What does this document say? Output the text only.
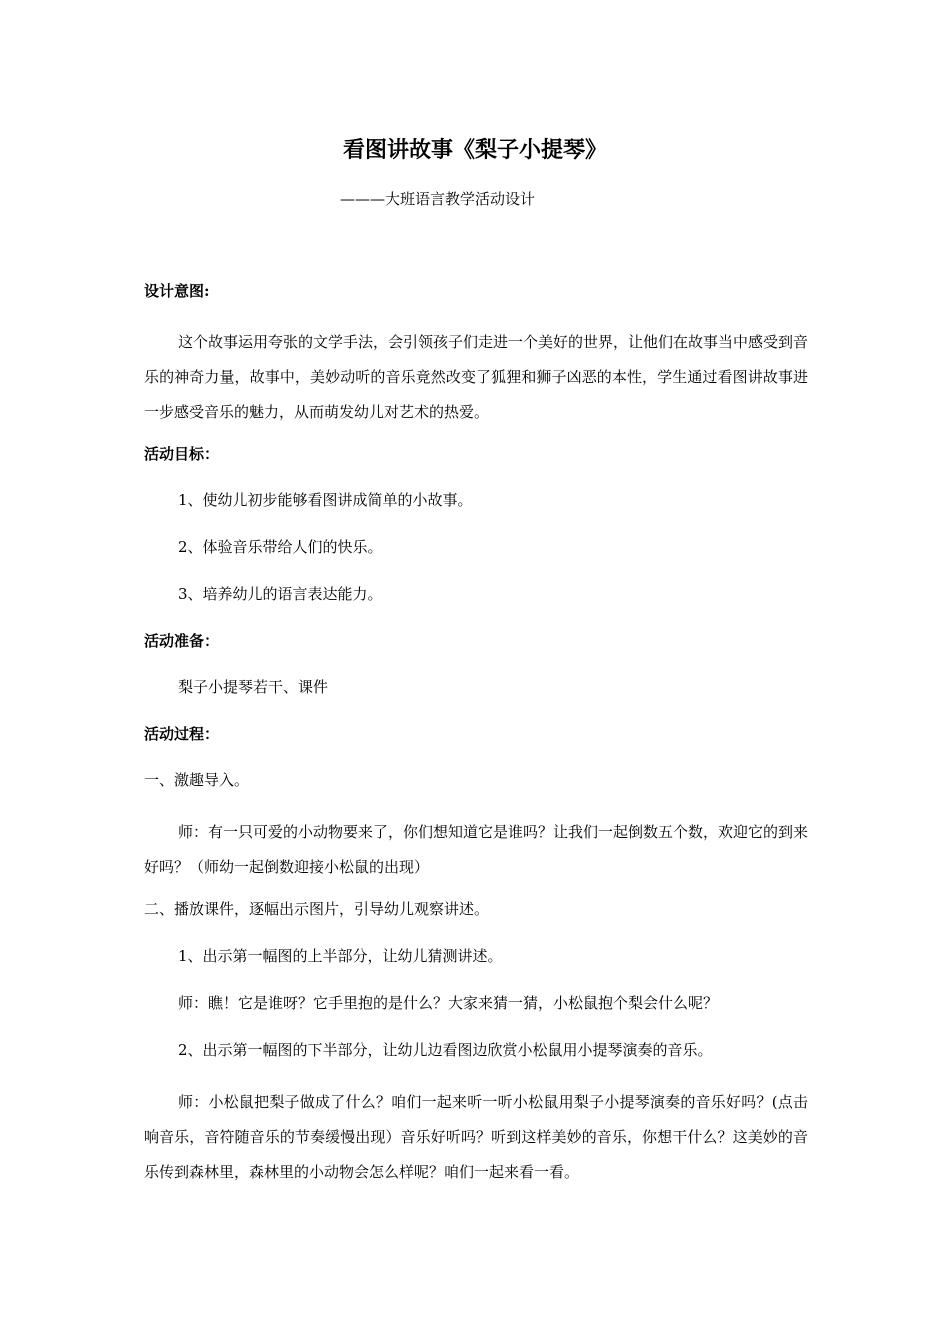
看图讲故事《梨子小提琴》
———大班语言教学活动设计
设计意图:
这个故事运用夸张的文学手法，会引领孩子们走进一个美好的世界，让他们在故事当中感受到音乐的神奇力量，故事中，美妙动听的音乐竟然改变了狐狸和狮子凶恶的本性，学生通过看图讲故事进一步感受音乐的魅力，从而萌发幼儿对艺术的热爱。
活动目标：
1、使幼儿初步能够看图讲成简单的小故事。
2、体验音乐带给人们的快乐。
3、培养幼儿的语言表达能力。
活动准备：
梨子小提琴若干、课件
活动过程：
一、激趣导入。
师：有一只可爱的小动物要来了，你们想知道它是谁吗？让我们一起倒数五个数，欢迎它的到来好吗？（师幼一起倒数迎接小松鼠的出现）
二、播放课件，逐幅出示图片，引导幼儿观察讲述。
1、出示第一幅图的上半部分，让幼儿猜测讲述。
师：瞧！它是谁呀？它手里抱的是什么？大家来猜一猜，小松鼠抱个梨会什么呢？
2、出示第一幅图的下半部分，让幼儿边看图边欣赏小松鼠用小提琴演奏的音乐。
师：小松鼠把梨子做成了什么？咱们一起来听一听小松鼠用梨子小提琴演奏的音乐好吗？(点击响音乐，音符随音乐的节奏缓慢出现）音乐好听吗？听到这样美妙的音乐，你想干什么？这美妙的音乐传到森林里，森林里的小动物会怎么样呢？咱们一起来看一看。
